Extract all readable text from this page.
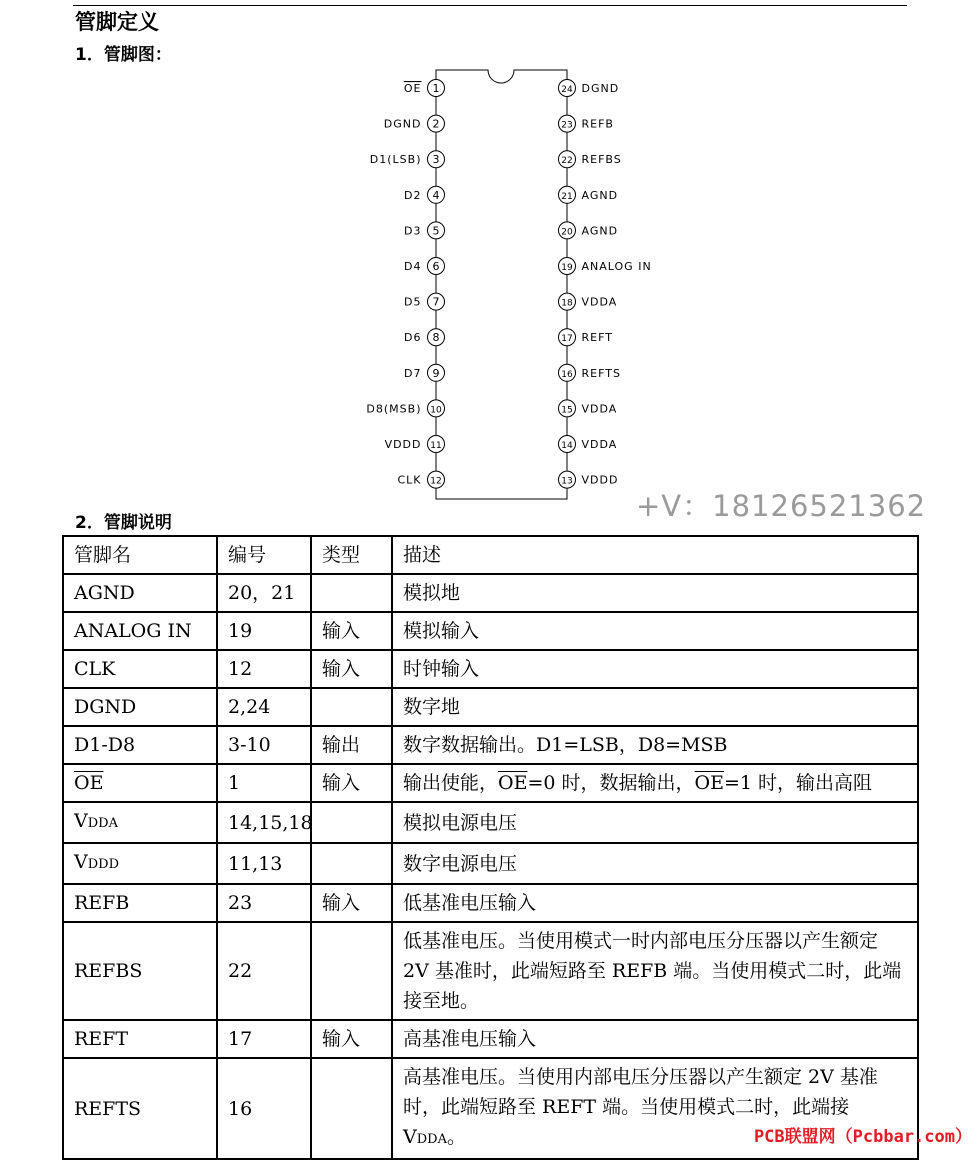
管脚定义
1．管脚图：
1
OE
2
DGND
3
D1(LSB)
4
D2
5
D3
6
D4
7
D5
8
D6
9
D7
10
D8(MSB)
11
VDDD
12
CLK
24 DGND
23 REFB
22 REFBS
21 AGND
20 AGND
19 ANALOG IN
18 VDDA
17 REFT
16 REFTS
15 VDDA
14 VDDA
13 VDDD
+V：18126521362
2．管脚说明
管脚名	编号	类型	描述
AGND	20，21		模拟地
ANALOG IN	19	输入	模拟输入
CLK	12	输入	时钟输入
DGND	2,24		数字地
D1-D8	3-10	输出	数字数据输出。D1=LSB，D8=MSB
$\overline{OE}$	1	输入	输出使能，$\overline{OE}=0$ 时，数据输出，$\overline{OE}=1$ 时，输出高阻
VDDA	14,15,18		模拟电源电压
VDDD	11,13		数字电源电压
REFB	23	输入	低基准电压输入
REFBS	22		低基准电压。当使用模式一时内部电压分压器以产生额定 2V 基准时，此端短路至 REFB 端。当使用模式二时，此端接至地。
REFT	17	输入	高基准电压输入
REFTS	16		高基准电压。当使用内部电压分压器以产生额定 2V 基准时，此端短路至 REFT 端。当使用模式二时，此端接VDDA。	PCB联盟网（Pcbbar.com）
